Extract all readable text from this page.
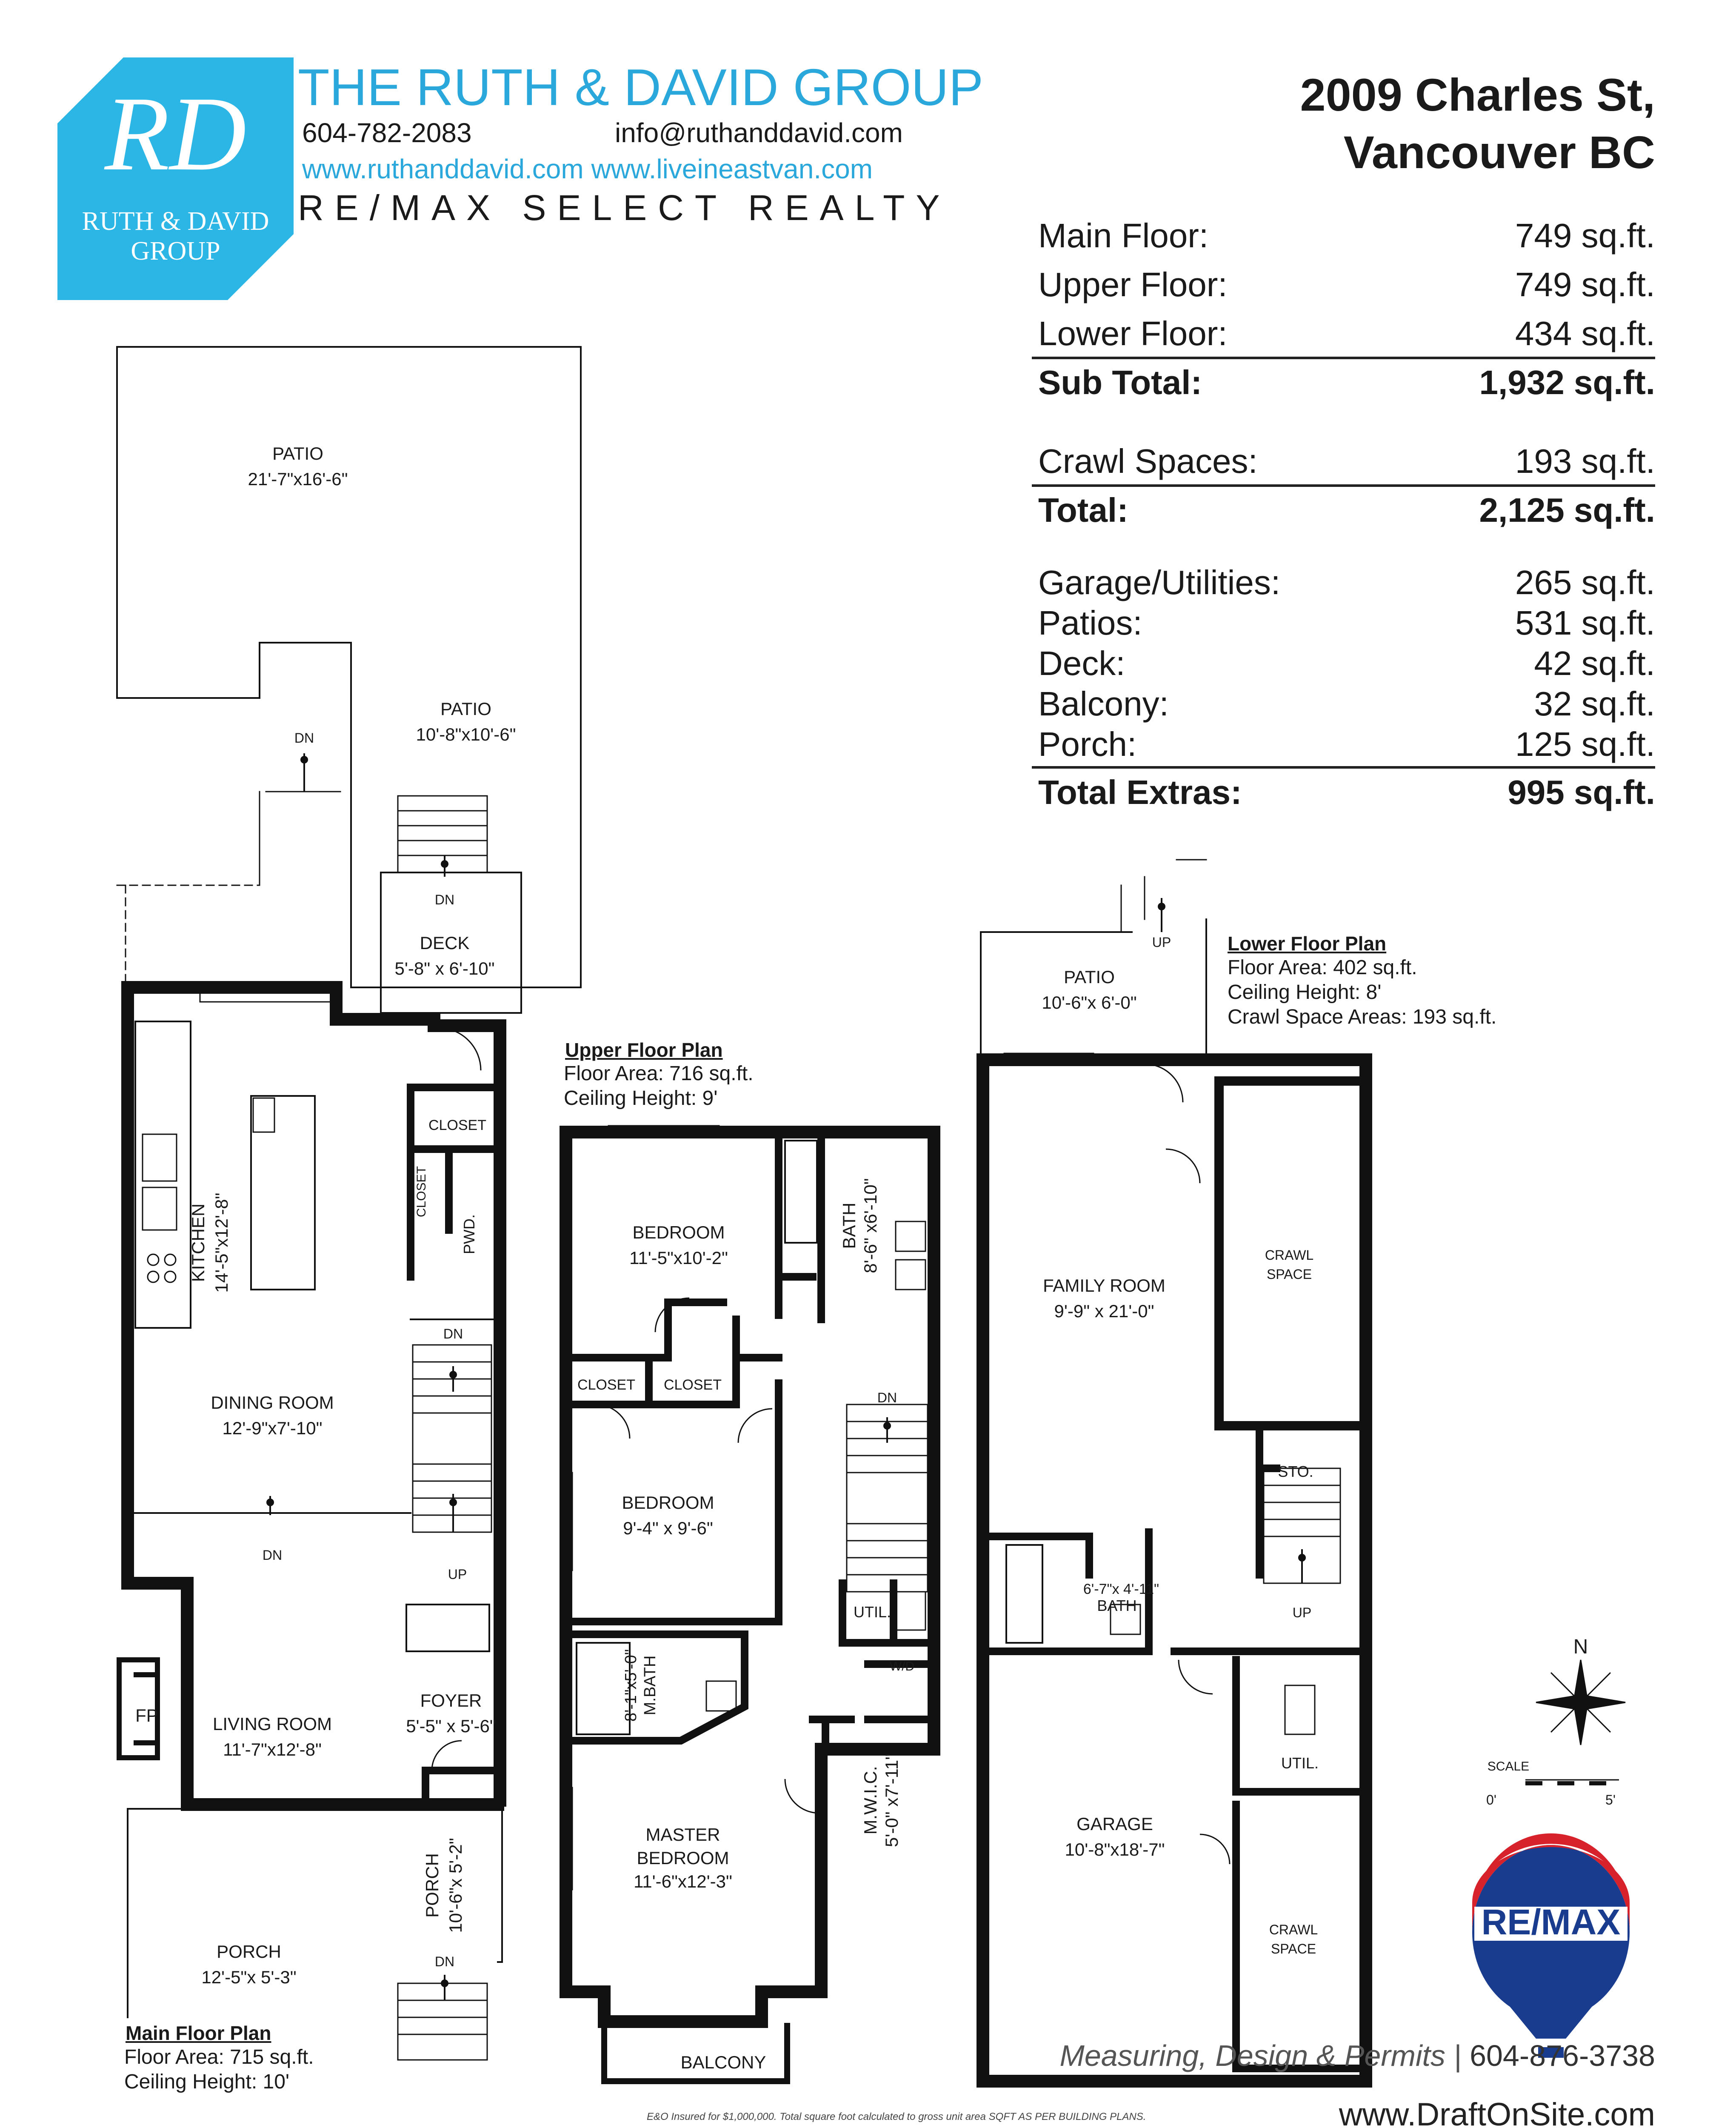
RD
RUTH & DAVID
GROUP
THE RUTH & DAVID GROUP
604-782-2083	info@ruthanddavid.com
www.ruthanddavid.com www.liveineastvan.com
RE/MAX SELECT REALTY
2009 Charles St,
Vancouver BC
Main Floor:	749 sq.ft.
Upper Floor:	749 sq.ft.
Lower Floor:	434 sq.ft.
Sub Total:	1,932 sq.ft.
Crawl Spaces:	193 sq.ft.
Total:	2,125 sq.ft.
Garage/Utilities:	265 sq.ft.
Patios:	531 sq.ft.
Deck:	42 sq.ft.
Balcony:	32 sq.ft.
Porch:	125 sq.ft.
Total Extras:	995 sq.ft.
Main Floor Plan
Floor Area: 715 sq.ft.
Ceiling Height: 10'
Upper Floor Plan
Floor Area: 716 sq.ft.
Ceiling Height: 9'
Lower Floor Plan
Floor Area: 402 sq.ft.
Ceiling Height: 8'
Crawl Space Areas: 193 sq.ft.
PATIO
21'-7"x16'-6"
PATIO
10'-8"x10'-6"
DN
DN
DECK
5'-8" x 6'-10"
CLOSET
CLOSET
PWD.
KITCHEN 14'-5"x12'-8"
DN
DINING ROOM
12'-9"x7'-10"
DN
UP
LIVING ROOM
11'-7"x12'-8"
FOYER
5'-5" x 5'-6"
FP
PORCH
12'-5"x 5'-3"
PORCH 10'-6"x 5'-2"
DN
BEDROOM
11'-5"x10'-2"
BATH 8'-6" x6'-10"
CLOSET CLOSET
DN
BEDROOM
9'-4" x 9'-6"
UTIL.
W/D
M.BATH
8'-1"x5'-0"
MASTER
BEDROOM
11'-6"x12'-3"
M.W.I.C. 5'-0" x7'-11"
BALCONY
UP
PATIO
10'-6"x 6'-0"
FAMILY ROOM
9'-9" x 21'-0"
CRAWL
SPACE
STO.
6'-7"x 4'-11"
BATH	UP
GARAGE
10'-8"x18'-7"
UTIL.
CRAWL
SPACE
N
SCALE
0'	5'
RE/MAX
Measuring, Design & Permits | 604-876-3738
www.DraftOnSite.com
E&O Insured for $1,000,000. Total square foot calculated to gross unit area SQFT AS PER BUILDING PLANS.
